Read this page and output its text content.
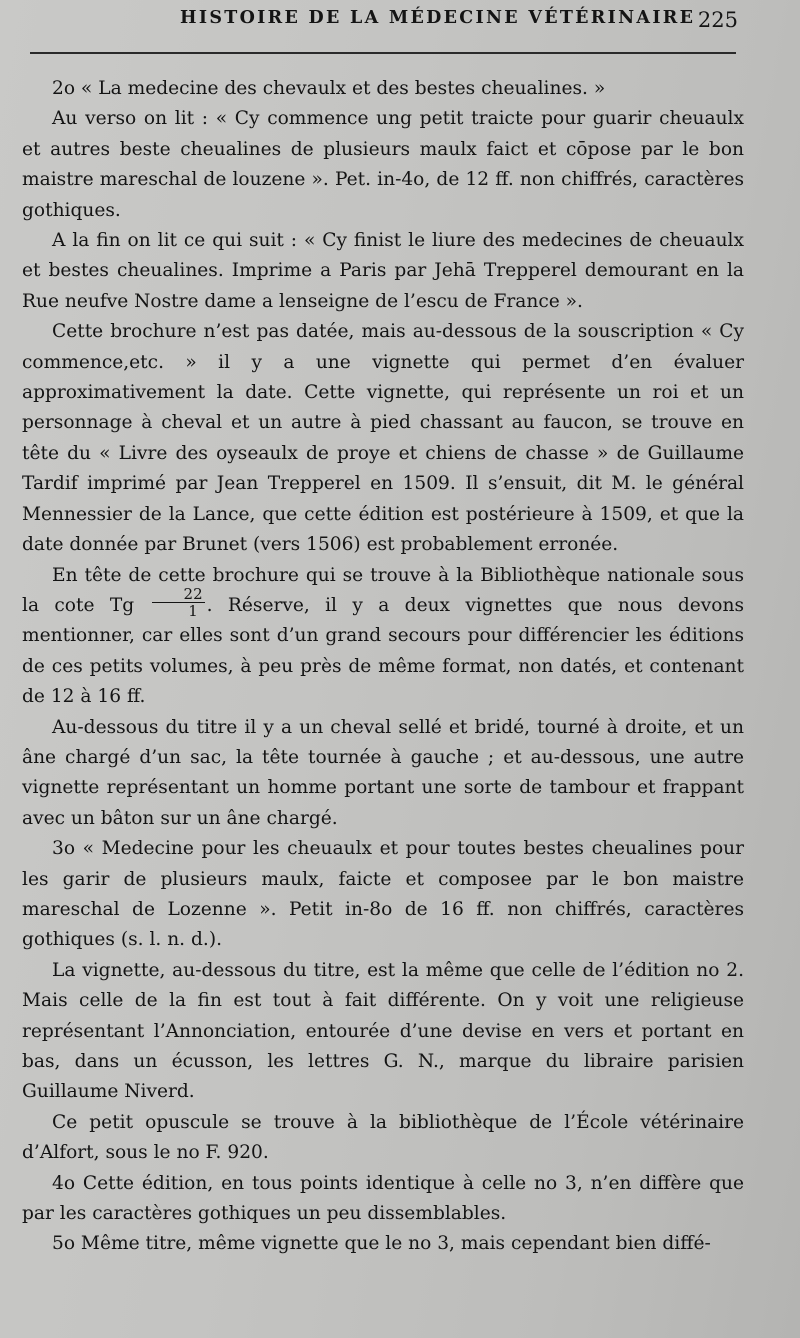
HISTOIRE DE LA MÉDECINE VÉTÉRINAIRE 225

2o « La medecine des chevaulx et des bestes cheualines. »

Au verso on lit : « Cy commence ung petit traicte pour guarir cheuaulx et autres beste cheualines de plusieurs maulx faict et cōpose par le bon maistre mareschal de louzene ». Pet. in-4o, de 12 ff. non chiffrés, caractères gothiques.

A la fin on lit ce qui suit : « Cy finist le liure des medecines de cheuaulx et bestes cheualines. Imprime a Paris par Jehā Trepperel demourant en la Rue neufve Nostre dame a lenseigne de l’escu de France ».

Cette brochure n’est pas datée, mais au-dessous de la souscription « Cy commence,etc. » il y a une vignette qui permet d’en évaluer approximativement la date. Cette vignette, qui représente un roi et un personnage à cheval et un autre à pied chassant au faucon, se trouve en tête du « Livre des oyseaulx de proye et chiens de chasse » de Guillaume Tardif imprimé par Jean Trepperel en 1509. Il s’ensuit, dit M. le général Mennessier de la Lance, que cette édition est postérieure à 1509, et que la date donnée par Brunet (vers 1506) est probablement erronée.

En tête de cette brochure qui se trouve à la Bibliothèque nationale sous la cote Tg $\frac{22}{1}$ . Réserve, il y a deux vignettes que nous devons mentionner, car elles sont d’un grand secours pour différencier les éditions de ces petits volumes, à peu près de même format, non datés, et contenant de 12 à 16 ff.

Au-dessous du titre il y a un cheval sellé et bridé, tourné à droite, et un âne chargé d’un sac, la tête tournée à gauche ; et au-dessous, une autre vignette représentant un homme portant une sorte de tambour et frappant avec un bâton sur un âne chargé.

3o « Medecine pour les cheuaulx et pour toutes bestes cheualines pour les garir de plusieurs maulx, faicte et composee par le bon maistre mareschal de Lozenne ». Petit in-8o de 16 ff. non chiffrés, caractères gothiques (s. l. n. d.).

La vignette, au-dessous du titre, est la même que celle de l’édition no 2. Mais celle de la fin est tout à fait différente. On y voit une religieuse représentant l’Annonciation, entourée d’une devise en vers et portant en bas, dans un écusson, les lettres G. N., marque du libraire parisien Guillaume Niverd.

Ce petit opuscule se trouve à la bibliothèque de l’École vétérinaire d’Alfort, sous le no F. 920.

4o Cette édition, en tous points identique à celle no 3, n’en diffère que par les caractères gothiques un peu dissemblables.

5o Même titre, même vignette que le no 3, mais cependant bien diffé-
